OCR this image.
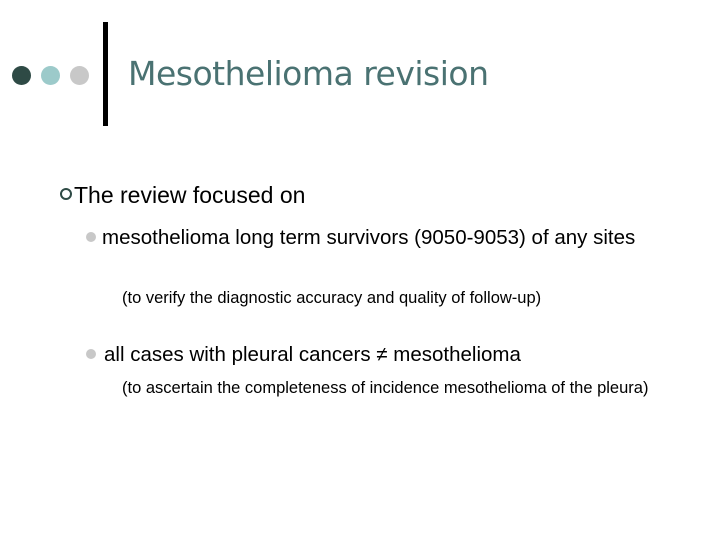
Mesothelioma revision

The review focused on

mesothelioma long term survivors (9050-9053) of any sites

(to verify the diagnostic accuracy and quality of follow-up)

all cases with pleural cancers ≠ mesothelioma

(to ascertain the completeness of incidence mesothelioma of the pleura)
